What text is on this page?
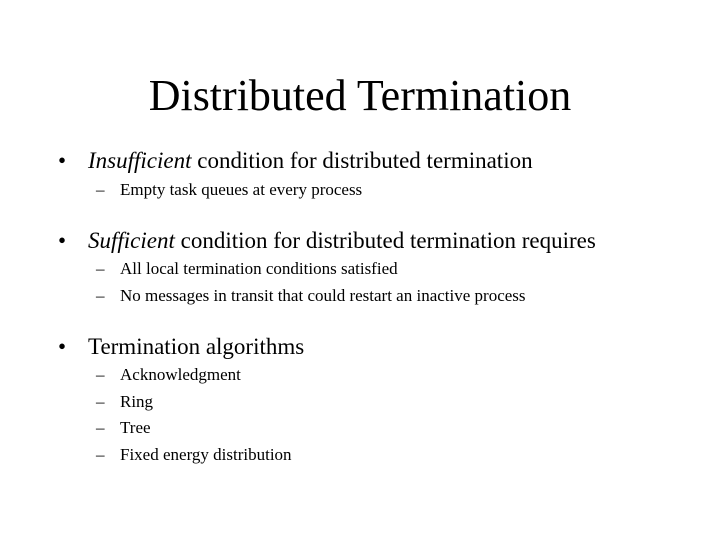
Distributed Termination
• Insufficient condition for distributed termination
– Empty task queues at every process
• Sufficient condition for distributed termination requires
– All local termination conditions satisfied
– No messages in transit that could restart an inactive process
• Termination algorithms
– Acknowledgment
– Ring
– Tree
– Fixed energy distribution
